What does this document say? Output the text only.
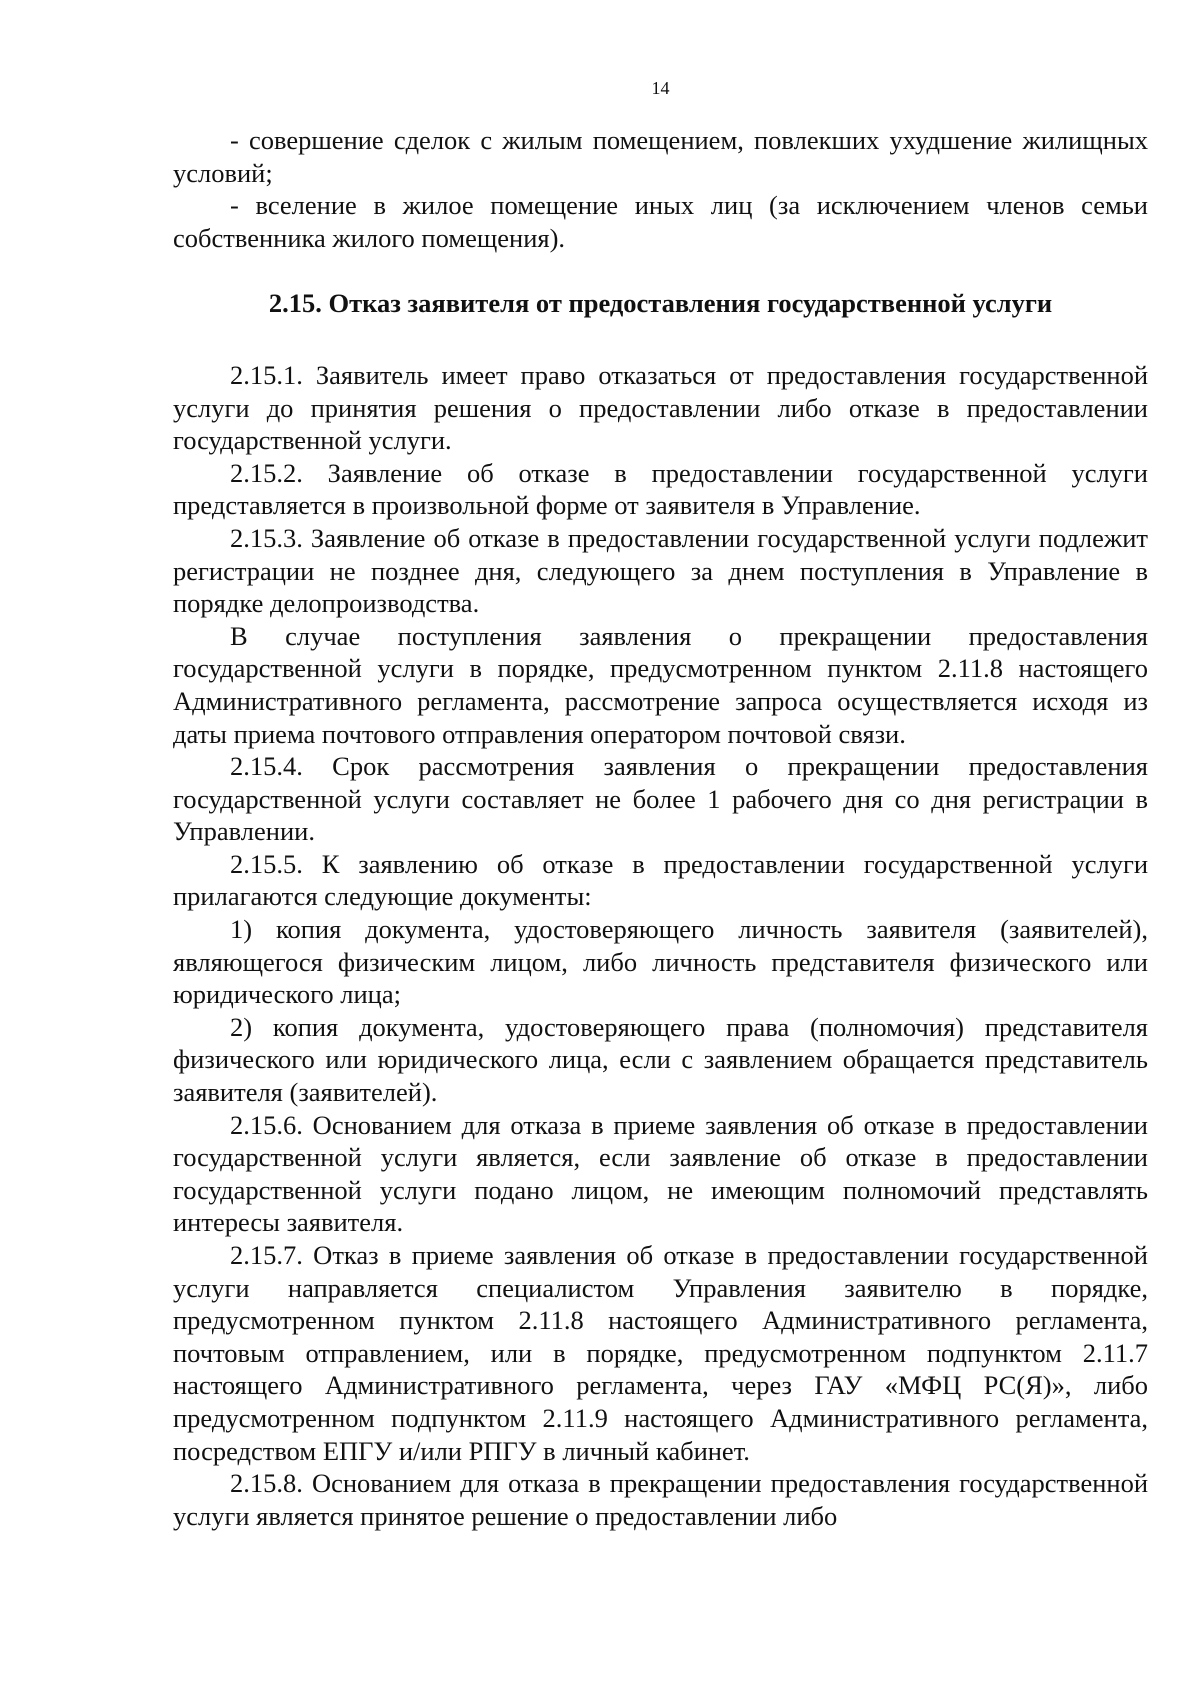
14

- совершение сделок с жилым помещением, повлекших ухудшение жилищных условий;

- вселение в жилое помещение иных лиц (за исключением членов семьи собственника жилого помещения).

2.15. Отказ заявителя от предоставления государственной услуги

2.15.1. Заявитель имеет право отказаться от предоставления государственной услуги до принятия решения о предоставлении либо отказе в предоставлении государственной услуги.

2.15.2. Заявление об отказе в предоставлении государственной услуги представляется в произвольной форме от заявителя в Управление.

2.15.3. Заявление об отказе в предоставлении государственной услуги подлежит регистрации не позднее дня, следующего за днем поступления в Управление в порядке делопроизводства.

В случае поступления заявления о прекращении предоставления государственной услуги в порядке, предусмотренном пунктом 2.11.8 настоящего Административного регламента, рассмотрение запроса осуществляется исходя из даты приема почтового отправления оператором почтовой связи.

2.15.4. Срок рассмотрения заявления о прекращении предоставления государственной услуги составляет не более 1 рабочего дня со дня регистрации в Управлении.

2.15.5. К заявлению об отказе в предоставлении государственной услуги прилагаются следующие документы:

1) копия документа, удостоверяющего личность заявителя (заявителей), являющегося физическим лицом, либо личность представителя физического или юридического лица;

2) копия документа, удостоверяющего права (полномочия) представителя физического или юридического лица, если с заявлением обращается представитель заявителя (заявителей).

2.15.6. Основанием для отказа в приеме заявления об отказе в предоставлении государственной услуги является, если заявление об отказе в предоставлении государственной услуги подано лицом, не имеющим полномочий представлять интересы заявителя.

2.15.7. Отказ в приеме заявления об отказе в предоставлении государственной услуги направляется специалистом Управления заявителю в порядке, предусмотренном пунктом 2.11.8 настоящего Административного регламента, почтовым отправлением, или в порядке, предусмотренном подпунктом 2.11.7 настоящего Административного регламента, через ГАУ «МФЦ РС(Я)», либо предусмотренном подпунктом 2.11.9 настоящего Административного регламента, посредством ЕПГУ и/или РПГУ в личный кабинет.

2.15.8. Основанием для отказа в прекращении предоставления государственной услуги является принятое решение о предоставлении либо
